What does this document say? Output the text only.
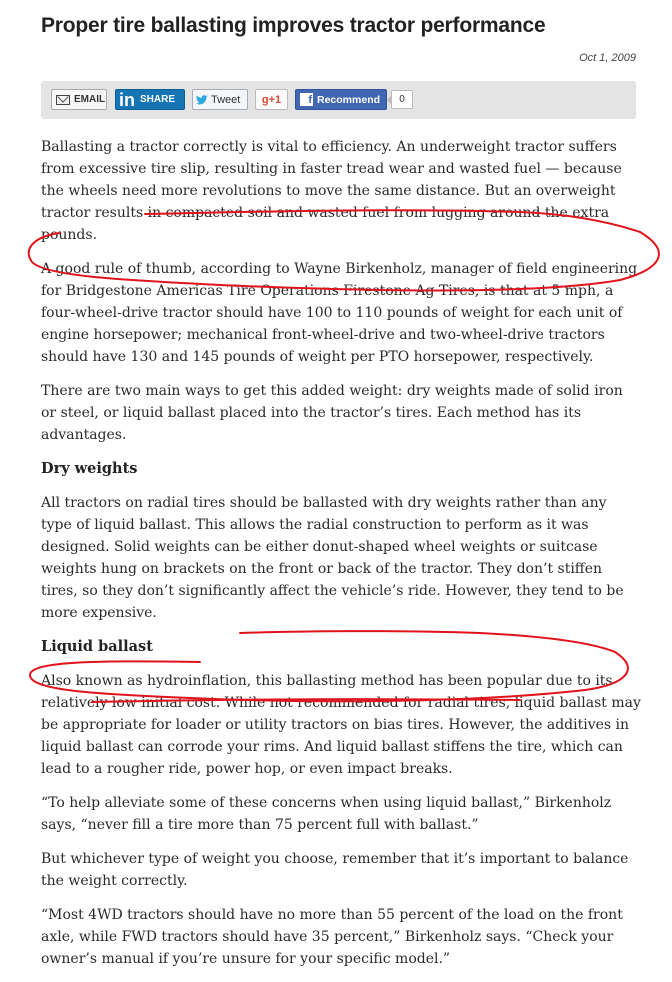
Proper tire ballasting improves tractor performance
Oct 1, 2009
EMAIL in SHARE	Tweet g+1	f Recommend	0

Ballasting a tractor correctly is vital to efficiency. An underweight tractor suffers from excessive tire slip, resulting in faster tread wear and wasted fuel — because the wheels need more revolutions to move the same distance. But an overweight tractor results in compacted soil and wasted fuel from lugging around the extra pounds.

A good rule of thumb, according to Wayne Birkenholz, manager of field engineering for Bridgestone Americas Tire Operations Firestone Ag Tires, is that at 5 mph, a four-wheel-drive tractor should have 100 to 110 pounds of weight for each unit of engine horsepower; mechanical front-wheel-drive and two-wheel-drive tractors should have 130 and 145 pounds of weight per PTO horsepower, respectively.

There are two main ways to get this added weight: dry weights made of solid iron or steel, or liquid ballast placed into the tractor’s tires. Each method has its advantages.

Dry weights

All tractors on radial tires should be ballasted with dry weights rather than any type of liquid ballast. This allows the radial construction to perform as it was designed. Solid weights can be either donut-shaped wheel weights or suitcase weights hung on brackets on the front or back of the tractor. They don’t stiffen tires, so they don’t significantly affect the vehicle’s ride. However, they tend to be more expensive.

Liquid ballast

Also known as hydroinflation, this ballasting method has been popular due to its relatively low initial cost. While not recommended for radial tires, liquid ballast may be appropriate for loader or utility tractors on bias tires. However, the additives in liquid ballast can corrode your rims. And liquid ballast stiffens the tire, which can lead to a rougher ride, power hop, or even impact breaks.

“To help alleviate some of these concerns when using liquid ballast,” Birkenholz says, “never fill a tire more than 75 percent full with ballast.”

But whichever type of weight you choose, remember that it’s important to balance the weight correctly.

“Most 4WD tractors should have no more than 55 percent of the load on the front axle, while FWD tractors should have 35 percent,” Birkenholz says. “Check your owner’s manual if you’re unsure for your specific model.”
